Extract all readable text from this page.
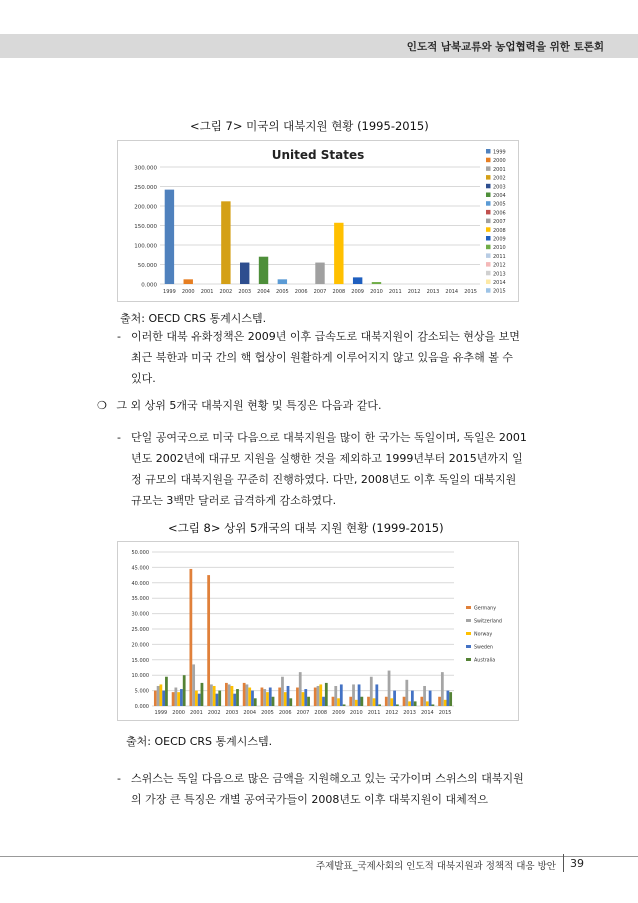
인도적 남북교류와 농업협력을 위한 토론회
<그림 7> 미국의 대북지원 현황 (1995-2015)
United States
0.000
50.000
100.000
150.000
200.000
250.000
300.000
1999 2000 2001 2002 2003 2004 2005 2006 2007 2008 2009 2010 2011 2012 2013 2014 2015
1999
2000
2001
2002
2003
2004
2005
2006
2007
2008
2009
2010
2011
2012
2013
2014
2015
출처: OECD CRS 통계시스템.
- 이러한 대북 유화정책은 2009년 이후 급속도로 대북지원이 감소되는 현상을 보면 최근 북한과 미국 간의 핵 협상이 원활하게 이루어지지 않고 있음을 유추해 볼 수 있다.
❍ 그 외 상위 5개국 대북지원 현황 및 특징은 다음과 같다.
- 단일 공여국으로 미국 다음으로 대북지원을 많이 한 국가는 독일이며, 독일은 2001년도 2002년에 대규모 지원을 실행한 것을 제외하고 1999년부터 2015년까지 일정 규모의 대북지원을 꾸준히 진행하였다. 다만, 2008년도 이후 독일의 대북지원 규모는 3백만 달러로 급격하게 감소하였다.
<그림 8> 상위 5개국의 대북 지원 현황 (1999-2015)
0.000
5.000
10.000
15.000
20.000
25.000
30.000
35.000
40.000
45.000
50.000
1999 2000 2001 2002 2003 2004 2005 2006 2007 2008 2009 2010 2011 2012 2013 2014 2015
Germany
Switzerland
Norway
Sweden
Australia
출처: OECD CRS 통계시스템.
- 스위스는 독일 다음으로 많은 금액을 지원해오고 있는 국가이며 스위스의 대북지원의 가장 큰 특징은 개별 공여국가들이 2008년도 이후 대북지원이 대체적으
주제발표_국제사회의 인도적 대북지원과 정책적 대응 방안 39
